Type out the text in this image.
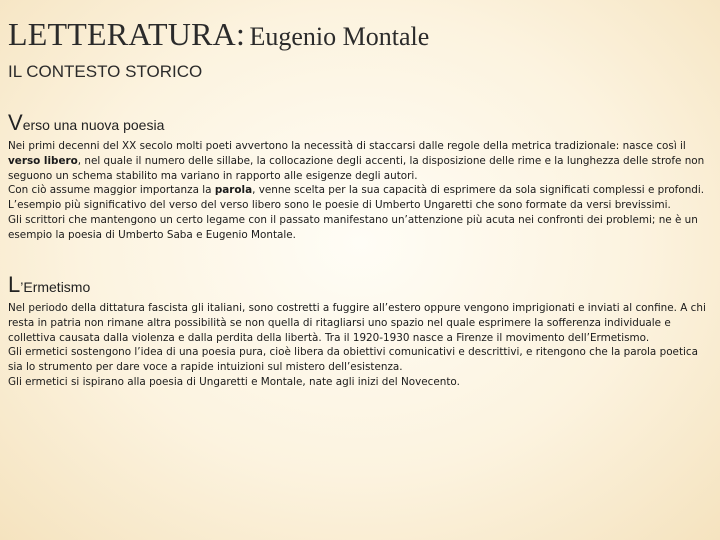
LETTERATURA: Eugenio Montale
IL CONTESTO STORICO
Verso una nuova poesia

Nei primi decenni del XX secolo molti poeti avvertono la necessità di staccarsi dalle regole della metrica tradizionale: nasce così il verso libero, nel quale il numero delle sillabe, la collocazione degli accenti, la disposizione delle rime e la lunghezza delle strofe non seguono un schema stabilito ma variano in rapporto alle esigenze degli autori.

Con ciò assume maggior importanza la parola, venne scelta per la sua capacità di esprimere da sola significati complessi e profondi.

L’esempio più significativo del verso del verso libero sono le poesie di Umberto Ungaretti che sono formate da versi brevissimi.

Gli scrittori che mantengono un certo legame con il passato manifestano un’attenzione più acuta nei confronti dei problemi; ne è un esempio la poesia di Umberto Saba e Eugenio Montale.

L’Ermetismo

Nel periodo della dittatura fascista gli italiani, sono costretti a fuggire all’estero oppure vengono imprigionati e inviati al confine. A chi resta in patria non rimane altra possibilità se non quella di ritagliarsi uno spazio nel quale esprimere la sofferenza individuale e collettiva causata dalla violenza e dalla perdita della libertà. Tra il 1920-1930 nasce a Firenze il movimento dell’Ermetismo.

Gli ermetici sostengono l’idea di una poesia pura, cioè libera da obiettivi comunicativi e descrittivi, e ritengono che la parola poetica sia lo strumento per dare voce a rapide intuizioni sul mistero dell’esistenza.

Gli ermetici si ispirano alla poesia di Ungaretti e Montale, nate agli inizi del Novecento.
